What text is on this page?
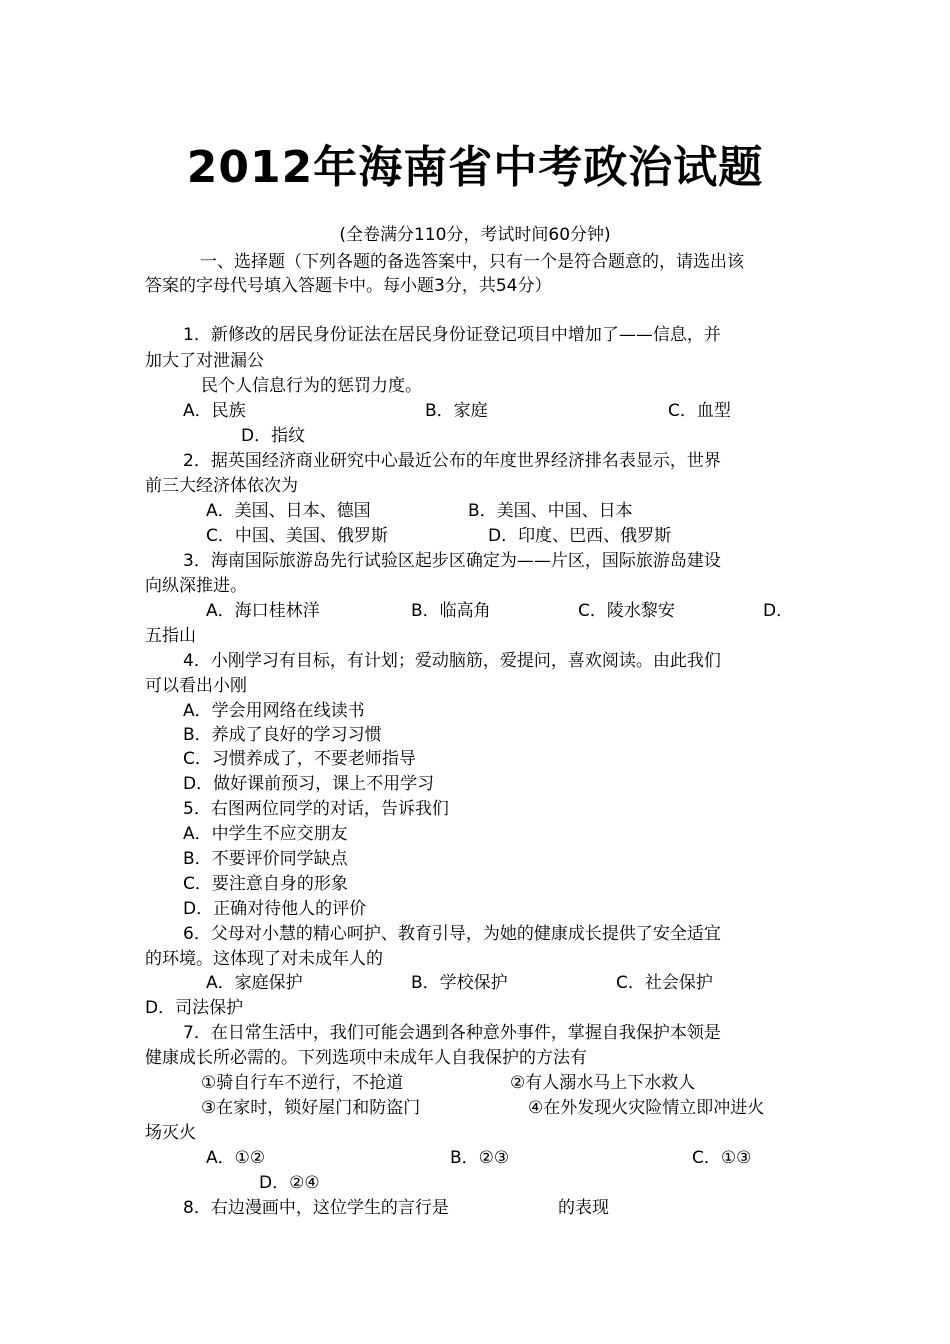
2012年海南省中考政治试题
(全卷满分110分，考试时间60分钟)
一、选择题（下列各题的备选答案中，只有一个是符合题意的，请选出该
答案的字母代号填入答题卡中。每小题3分，共54分）
1．新修改的居民身份证法在居民身份证登记项目中增加了——信息，并
加大了对泄漏公
民个人信息行为的惩罚力度。
A．民族	B．家庭	C．血型
D．指纹
2．据英国经济商业研究中心最近公布的年度世界经济排名表显示，世界
前三大经济体依次为
A．美国、日本、德国	B．美国、中国、日本
C．中国、美国、俄罗斯	D．印度、巴西、俄罗斯
3．海南国际旅游岛先行试验区起步区确定为——片区，国际旅游岛建设
向纵深推进。
A．海口桂林洋	B．临高角	C．陵水黎安	D．
五指山
4．小刚学习有目标，有计划；爱动脑筋，爱提问，喜欢阅读。由此我们
可以看出小刚
A．学会用网络在线读书
B．养成了良好的学习习惯
C．习惯养成了，不要老师指导
D．做好课前预习，课上不用学习
5．右图两位同学的对话，告诉我们
A．中学生不应交朋友
B．不要评价同学缺点
C．要注意自身的形象
D．正确对待他人的评价
6．父母对小慧的精心呵护、教育引导，为她的健康成长提供了安全适宜
的环境。这体现了对未成年人的
A．家庭保护	B．学校保护	C．社会保护
D．司法保护
7．在日常生活中，我们可能会遇到各种意外事件，掌握自我保护本领是
健康成长所必需的。下列选项中未成年人自我保护的方法有
①骑自行车不逆行，不抢道	②有人溺水马上下水救人
③在家时，锁好屋门和防盗门	④在外发现火灾险情立即冲进火
场灭火
A．①②	B．②③	C．①③
D．②④
8．右边漫画中，这位学生的言行是	的表现
